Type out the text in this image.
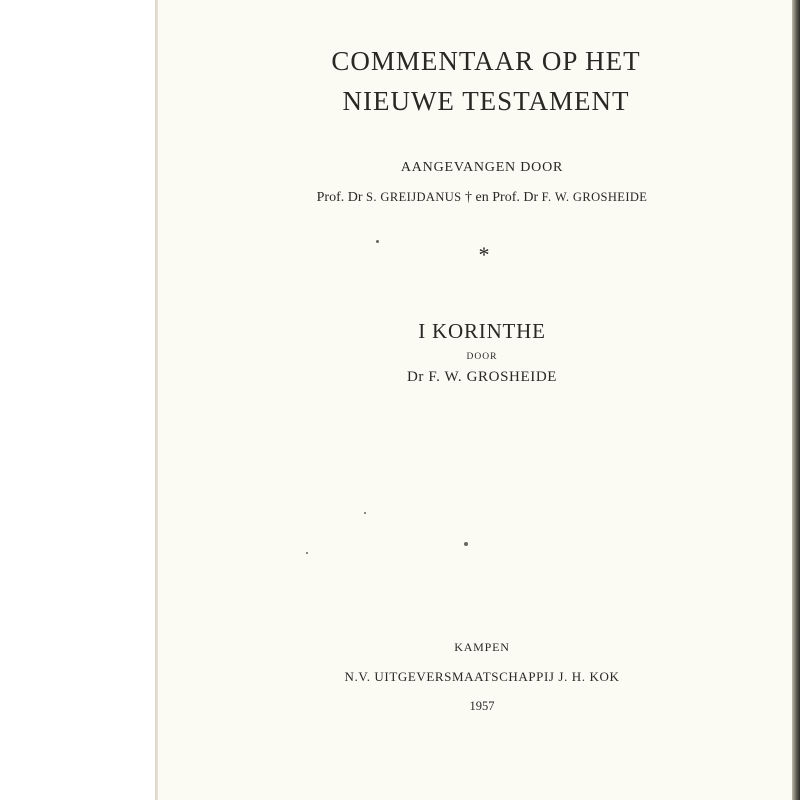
COMMENTAAR OP HET

NIEUWE TESTAMENT

AANGEVANGEN DOOR

Prof. Dr S. GREIJDANUS † en Prof. Dr F. W. GROSHEIDE

*

I KORINTHE

DOOR

Dr F. W. GROSHEIDE

KAMPEN

N.V. UITGEVERSMAATSCHAPPIJ J. H. KOK

1957
